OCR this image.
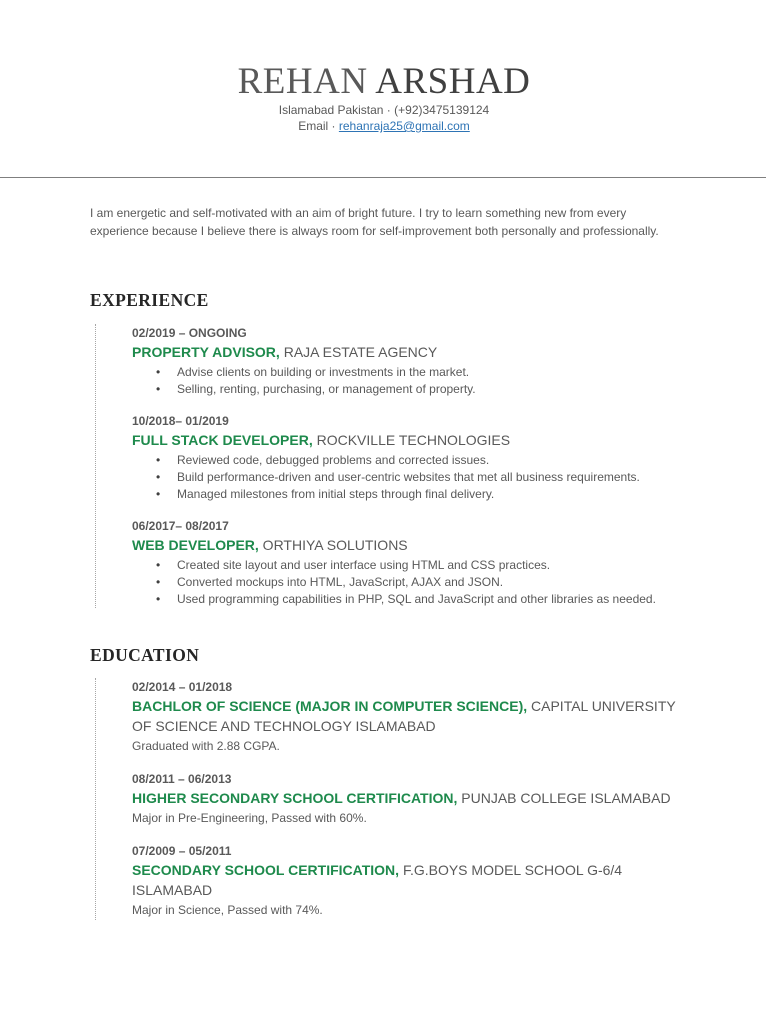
REHAN ARSHAD
Islamabad Pakistan · (+92)3475139124
Email · rehanraja25@gmail.com
I am energetic and self-motivated with an aim of bright future. I try to learn something new from every experience because I believe there is always room for self-improvement both personally and professionally.
EXPERIENCE
02/2019 – ONGOING
PROPERTY ADVISOR, RAJA ESTATE AGENCY
• Advise clients on building or investments in the market.
• Selling, renting, purchasing, or management of property.
10/2018– 01/2019
FULL STACK DEVELOPER, ROCKVILLE TECHNOLOGIES
• Reviewed code, debugged problems and corrected issues.
• Build performance-driven and user-centric websites that met all business requirements.
• Managed milestones from initial steps through final delivery.
06/2017– 08/2017
WEB DEVELOPER, ORTHIYA SOLUTIONS
• Created site layout and user interface using HTML and CSS practices.
• Converted mockups into HTML, JavaScript, AJAX and JSON.
• Used programming capabilities in PHP, SQL and JavaScript and other libraries as needed.
EDUCATION
02/2014 – 01/2018
BACHLOR OF SCIENCE (MAJOR IN COMPUTER SCIENCE), CAPITAL UNIVERSITY OF SCIENCE AND TECHNOLOGY ISLAMABAD
Graduated with 2.88 CGPA.
08/2011 – 06/2013
HIGHER SECONDARY SCHOOL CERTIFICATION, PUNJAB COLLEGE ISLAMABAD
Major in Pre-Engineering, Passed with 60%.
07/2009 – 05/2011
SECONDARY SCHOOL CERTIFICATION, F.G.BOYS MODEL SCHOOL G-6/4 ISLAMABAD
Major in Science, Passed with 74%.
